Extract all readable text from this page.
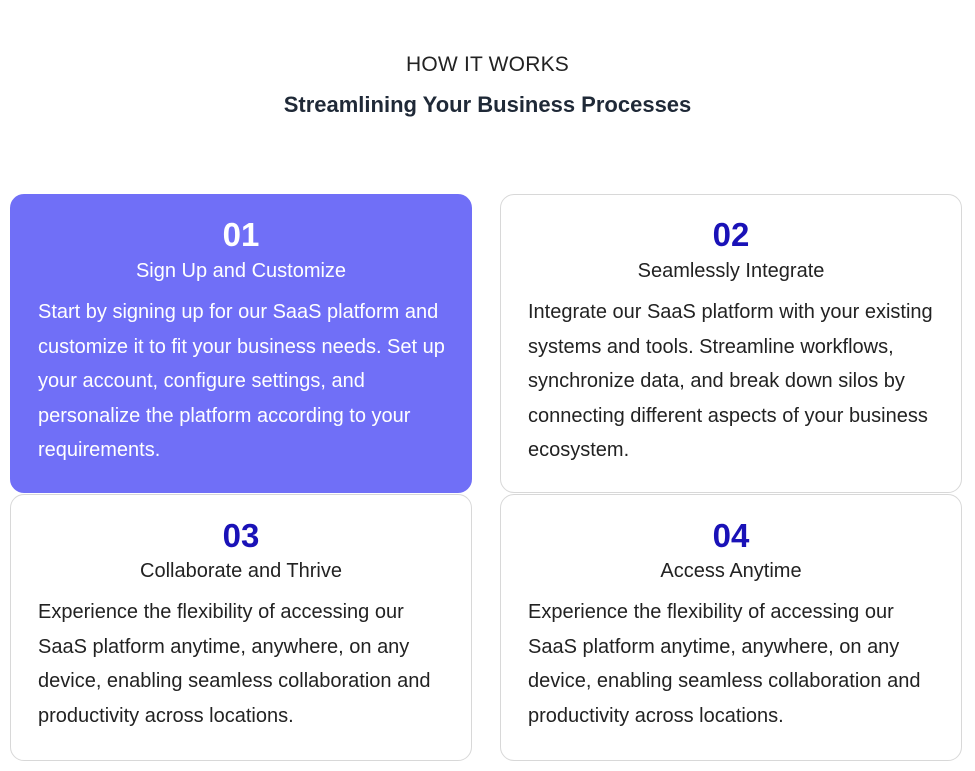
HOW IT WORKS
Streamlining Your Business Processes
01
Sign Up and Customize
Start by signing up for our SaaS platform and customize it to fit your business needs. Set up your account, configure settings, and personalize the platform according to your requirements.
02
Seamlessly Integrate
Integrate our SaaS platform with your existing systems and tools. Streamline workflows, synchronize data, and break down silos by connecting different aspects of your business ecosystem.
03
Collaborate and Thrive
Experience the flexibility of accessing our SaaS platform anytime, anywhere, on any device, enabling seamless collaboration and productivity across locations.
04
Access Anytime
Experience the flexibility of accessing our SaaS platform anytime, anywhere, on any device, enabling seamless collaboration and productivity across locations.
